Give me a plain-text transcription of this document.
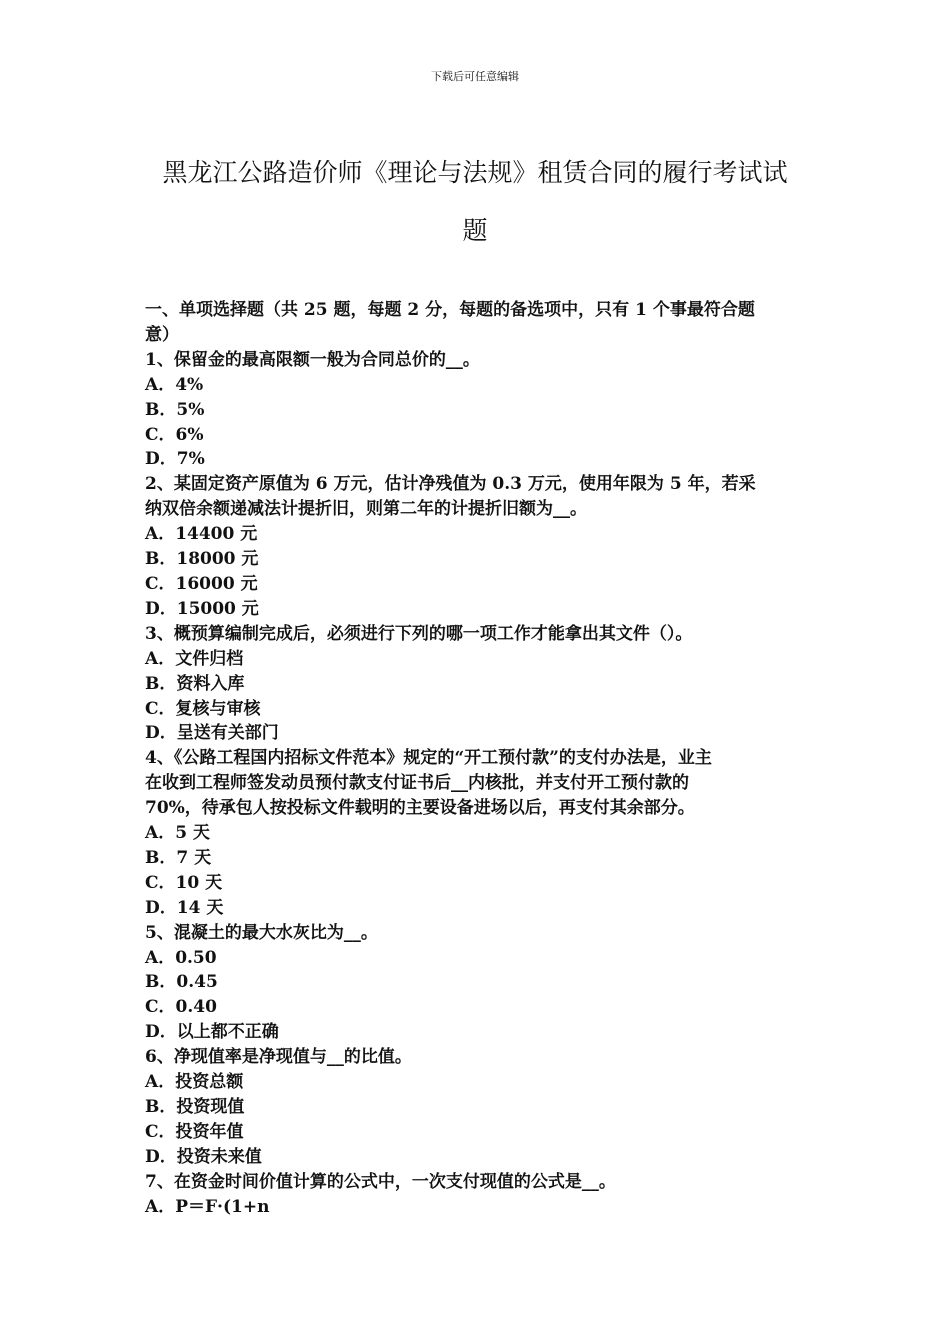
下载后可任意编辑
黑龙江公路造价师《理论与法规》租赁合同的履行考试试
题
一、单项选择题（共 25 题，每题 2 分，每题的备选项中，只有 1 个事最符合题
意）
1、保留金的最高限额一般为合同总价的__。
A．4%
B．5%
C．6%
D．7%
2、某固定资产原值为 6 万元，估计净残值为 0.3 万元，使用年限为 5 年，若采
纳双倍余额递减法计提折旧，则第二年的计提折旧额为__。
A．14400 元
B．18000 元
C．16000 元
D．15000 元
3、概预算编制完成后，必须进行下列的哪一项工作才能拿出其文件（）。
A．文件归档
B．资料入库
C．复核与审核
D．呈送有关部门
4、《公路工程国内招标文件范本》规定的“开工预付款”的支付办法是，业主
在收到工程师签发动员预付款支付证书后__内核批，并支付开工预付款的
70%，待承包人按投标文件载明的主要设备进场以后，再支付其余部分。
A．5 天
B．7 天
C．10 天
D．14 天
5、混凝土的最大水灰比为__。
A．0.50
B．0.45
C．0.40
D．以上都不正确
6、净现值率是净现值与__的比值。
A．投资总额
B．投资现值
C．投资年值
D．投资未来值
7、在资金时间价值计算的公式中，一次支付现值的公式是__。
A．P＝F·(1+n
